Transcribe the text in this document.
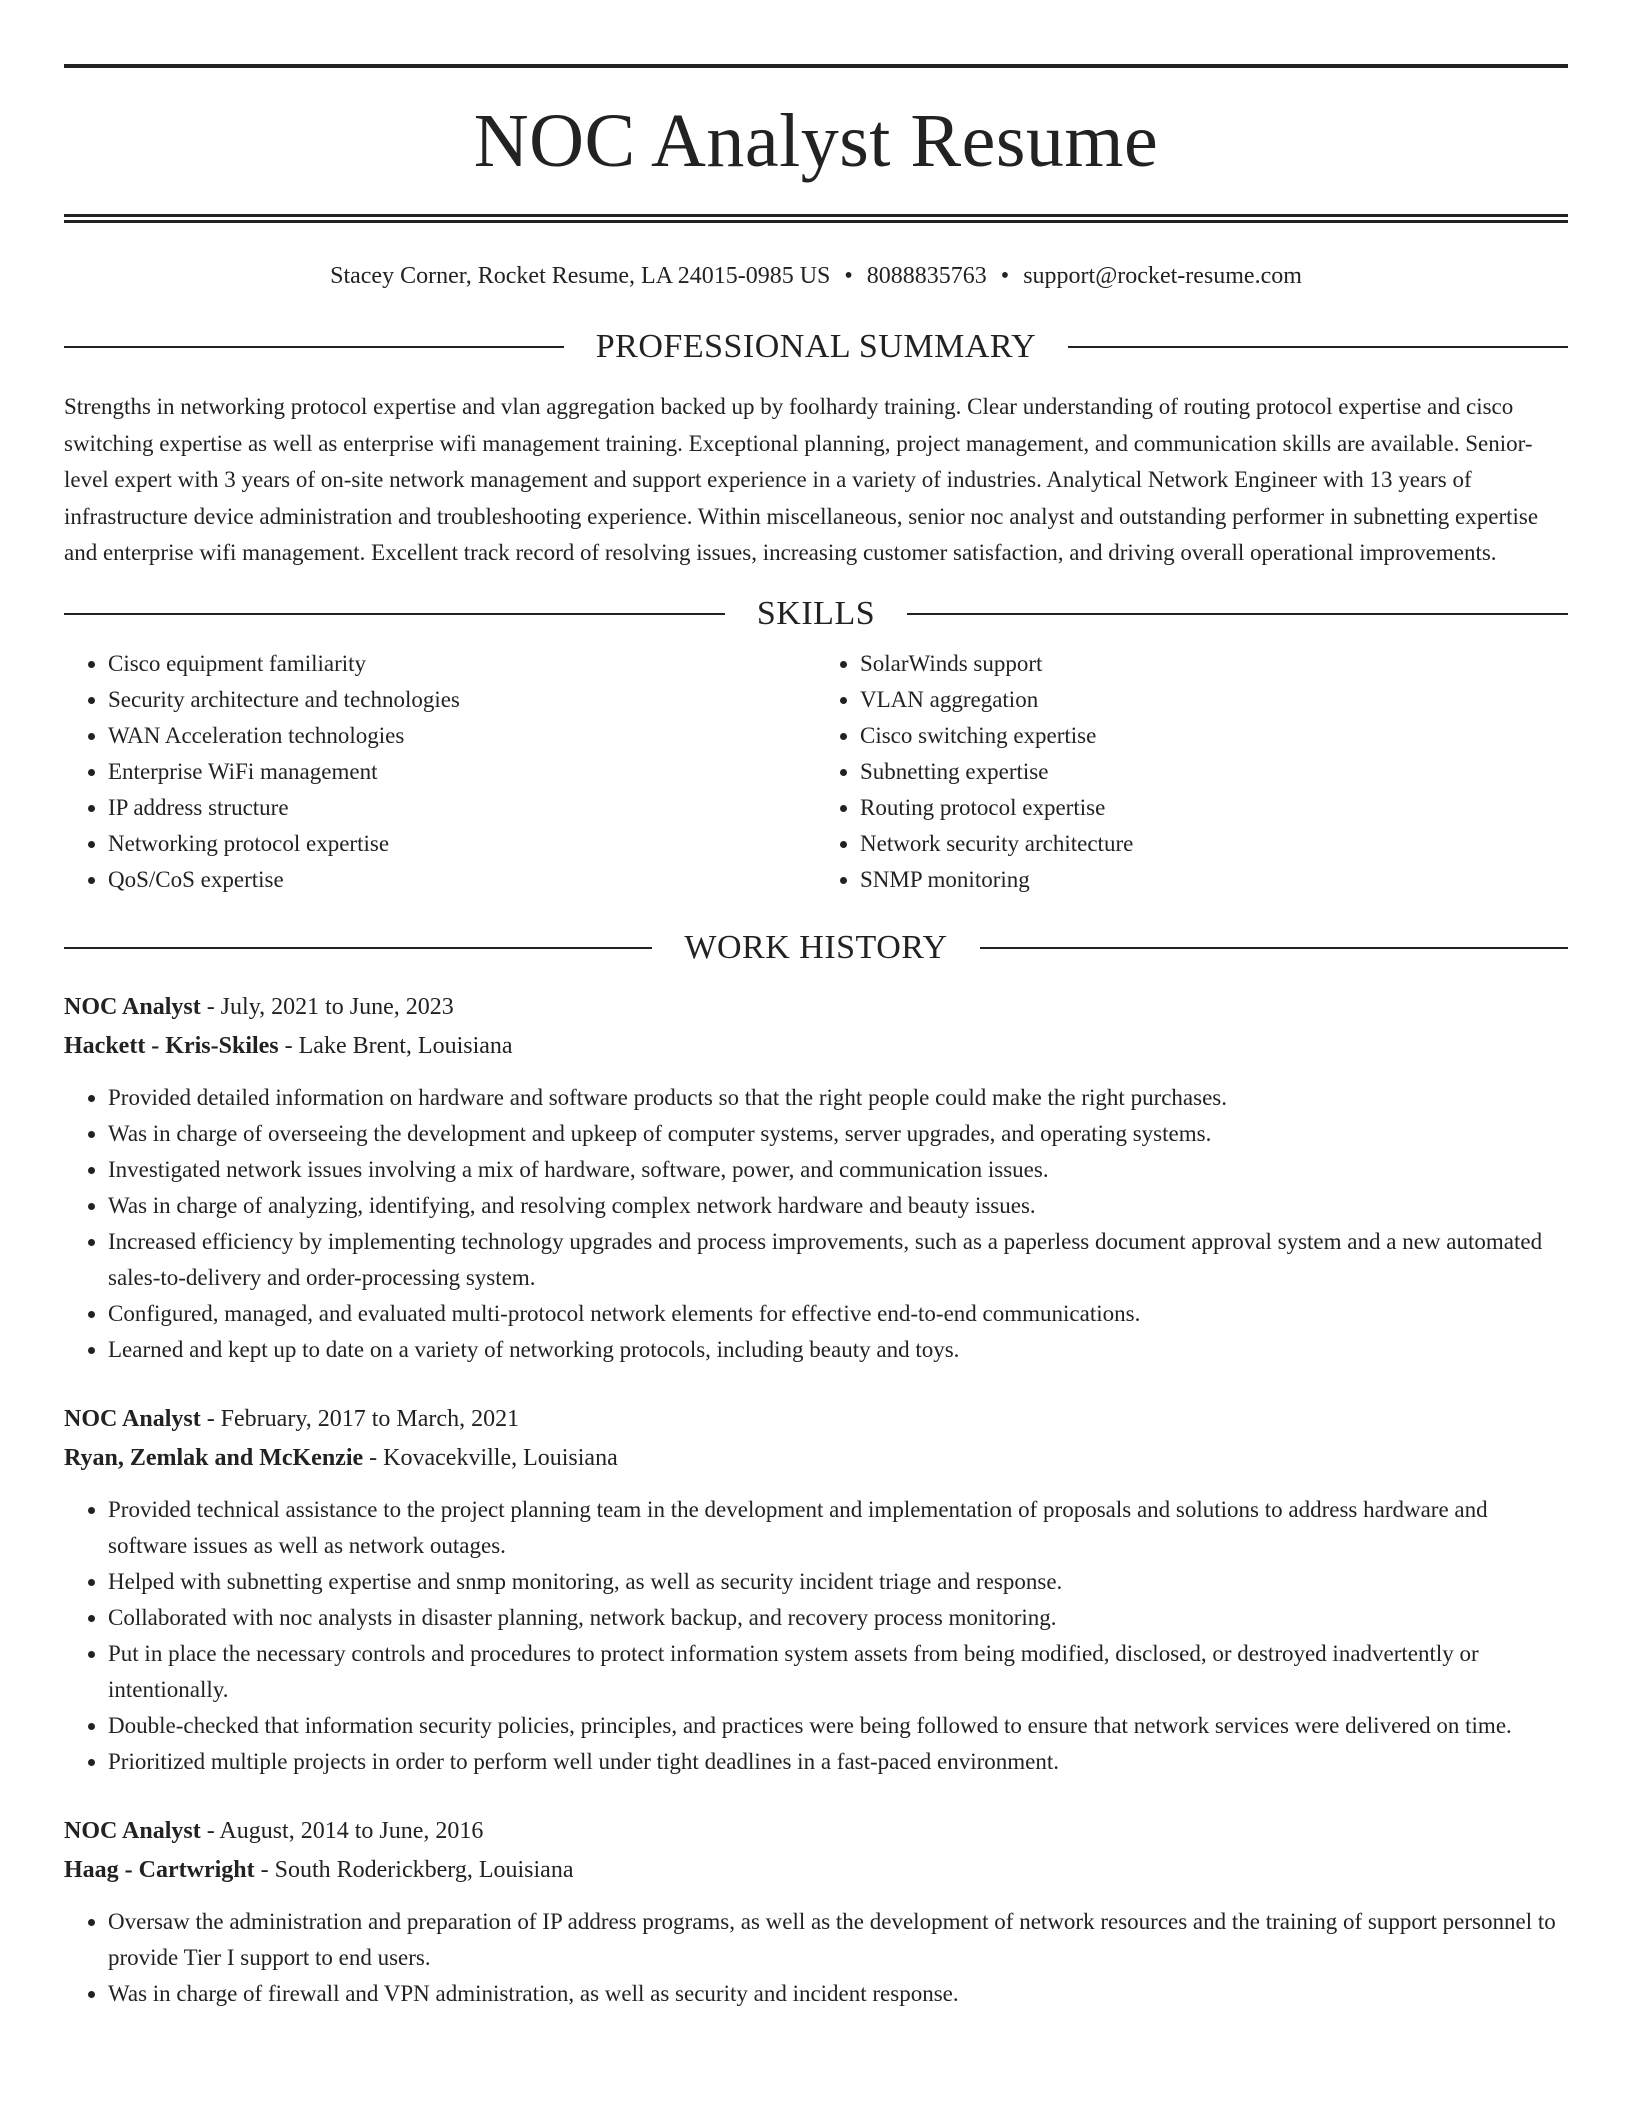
NOC Analyst Resume
Stacey Corner, Rocket Resume, LA 24015-0985 US • 8088835763 • support@rocket-resume.com
PROFESSIONAL SUMMARY

Strengths in networking protocol expertise and vlan aggregation backed up by foolhardy training. Clear understanding of routing protocol expertise and cisco switching expertise as well as enterprise wifi management training. Exceptional planning, project management, and communication skills are available. Senior-level expert with 3 years of on-site network management and support experience in a variety of industries. Analytical Network Engineer with 13 years of infrastructure device administration and troubleshooting experience. Within miscellaneous, senior noc analyst and outstanding performer in subnetting expertise and enterprise wifi management. Excellent track record of resolving issues, increasing customer satisfaction, and driving overall operational improvements.

SKILLS
• Cisco equipment familiarity
• Security architecture and technologies
• WAN Acceleration technologies
• Enterprise WiFi management
• IP address structure
• Networking protocol expertise
• QoS/CoS expertise
• SolarWinds support
• VLAN aggregation
• Cisco switching expertise
• Subnetting expertise
• Routing protocol expertise
• Network security architecture
• SNMP monitoring
WORK HISTORY
NOC Analyst - July, 2021 to June, 2023
Hackett - Kris-Skiles - Lake Brent, Louisiana
• Provided detailed information on hardware and software products so that the right people could make the right purchases.
• Was in charge of overseeing the development and upkeep of computer systems, server upgrades, and operating systems.
• Investigated network issues involving a mix of hardware, software, power, and communication issues.
• Was in charge of analyzing, identifying, and resolving complex network hardware and beauty issues.
• Increased efficiency by implementing technology upgrades and process improvements, such as a paperless document approval system and a new automated sales-to-delivery and order-processing system.
• Configured, managed, and evaluated multi-protocol network elements for effective end-to-end communications.
• Learned and kept up to date on a variety of networking protocols, including beauty and toys.
NOC Analyst - February, 2017 to March, 2021
Ryan, Zemlak and McKenzie - Kovacekville, Louisiana
• Provided technical assistance to the project planning team in the development and implementation of proposals and solutions to address hardware and software issues as well as network outages.
• Helped with subnetting expertise and snmp monitoring, as well as security incident triage and response.
• Collaborated with noc analysts in disaster planning, network backup, and recovery process monitoring.
• Put in place the necessary controls and procedures to protect information system assets from being modified, disclosed, or destroyed inadvertently or intentionally.
• Double-checked that information security policies, principles, and practices were being followed to ensure that network services were delivered on time.
• Prioritized multiple projects in order to perform well under tight deadlines in a fast-paced environment.
NOC Analyst - August, 2014 to June, 2016
Haag - Cartwright - South Roderickberg, Louisiana
• Oversaw the administration and preparation of IP address programs, as well as the development of network resources and the training of support personnel to provide Tier I support to end users.
• Was in charge of firewall and VPN administration, as well as security and incident response.
